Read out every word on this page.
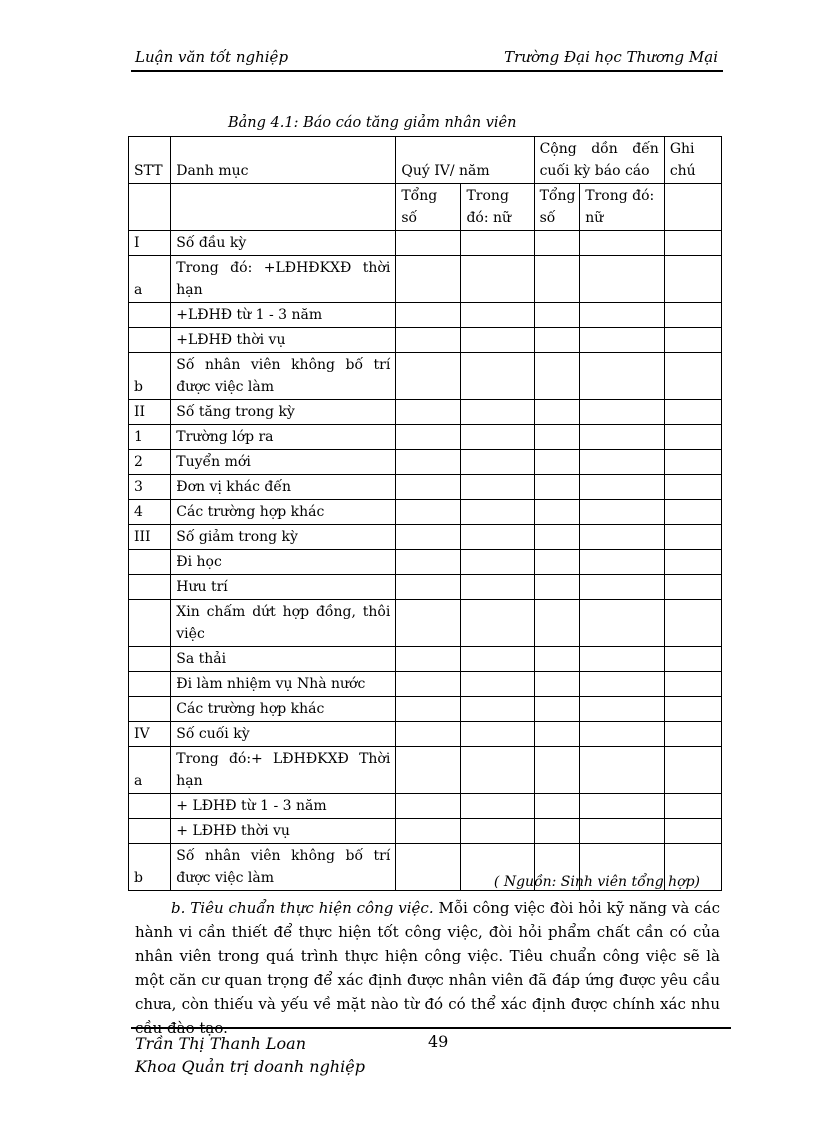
Luận văn tốt nghiệp	Trường Đại học Thương Mại
Bảng 4.1: Báo cáo tăng giảm nhân viên
STT	Danh mục	Quý IV/ năm		Cộng dồn đến cuối kỳ báo cáo		Ghi chú
		Tổng số	Trong đó: nữ	Tổng số	Trong đó: nữ	
I	Số đầu kỳ					
a	Trong đó: +LĐHĐKXĐ thời hạn					
	+LĐHĐ từ 1 - 3 năm					
	+LĐHĐ thời vụ					
b	Số nhân viên không bố trí được việc làm					
II	Số tăng trong kỳ					
1	Trường lớp ra					
2	Tuyển mới					
3	Đơn vị khác đến					
4	Các trường hợp khác					
III	Số giảm trong kỳ					
	Đi học					
	Hưu trí					
	Xin chấm dứt hợp đồng, thôi việc					
	Sa thải					
	Đi làm nhiệm vụ Nhà nước					
	Các trường hợp khác					
IV	Số cuối kỳ					
a	Trong đó:+ LĐHĐKXĐ Thời hạn					
	+ LĐHĐ từ 1 - 3 năm					
	+ LĐHĐ thời vụ					
b	Số nhân viên không bố trí được việc làm						( Nguồn: Sinh viên tổng hợp)
b. Tiêu chuẩn thực hiện công việc. Mỗi công việc đòi hỏi kỹ năng và các hành vi cần thiết để thực hiện tốt công việc, đòi hỏi phẩm chất cần có của nhân viên trong quá trình thực hiện công việc. Tiêu chuẩn công việc sẽ là một căn cư quan trọng để xác định được nhân viên đã đáp ứng được yêu cầu chưa, còn thiếu và yếu về mặt nào từ đó có thể xác định được chính xác nhu cầu đào tạo.
Trần Thị Thanh Loan	49
Khoa Quản trị doanh nghiệp
